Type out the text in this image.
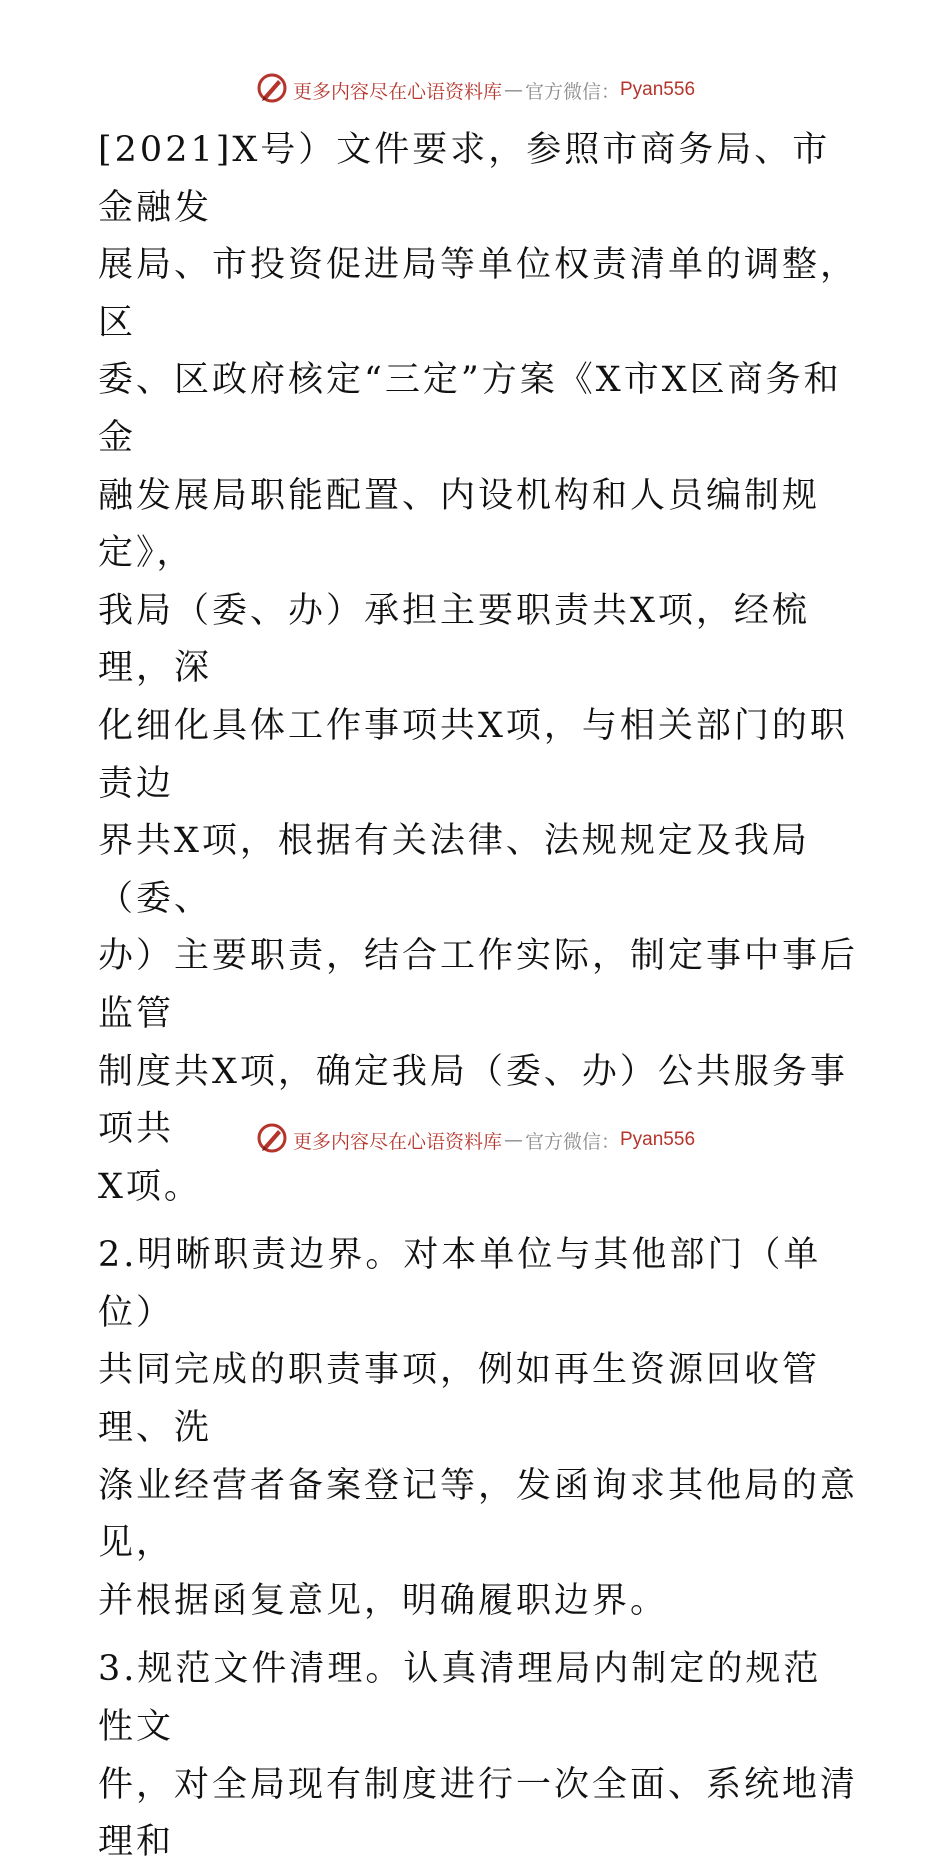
更多内容尽在心语资料库 — 官方微信： Pyan556

[2021]X号）文件要求，参照市商务局、市金融发
展局、市投资促进局等单位权责清单的调整，区
委、区政府核定“三定”方案《X市X区商务和金
融发展局职能配置、内设机构和人员编制规定》，
我局（委、办）承担主要职责共X项，经梳理，深
化细化具体工作事项共X项，与相关部门的职责边
界共X项，根据有关法律、法规规定及我局（委、
办）主要职责，结合工作实际，制定事中事后监管
制度共X项，确定我局（委、办）公共服务事项共
X项。

2.明晰职责边界。对本单位与其他部门（单位）
共同完成的职责事项，例如再生资源回收管理、洗
涤业经营者备案登记等，发函询求其他局的意见，
并根据函复意见，明确履职边界。

3.规范文件清理。认真清理局内制定的规范性文
件，对全局现有制度进行一次全面、系统地清理和

更多内容尽在心语资料库 — 官方微信： Pyan556
